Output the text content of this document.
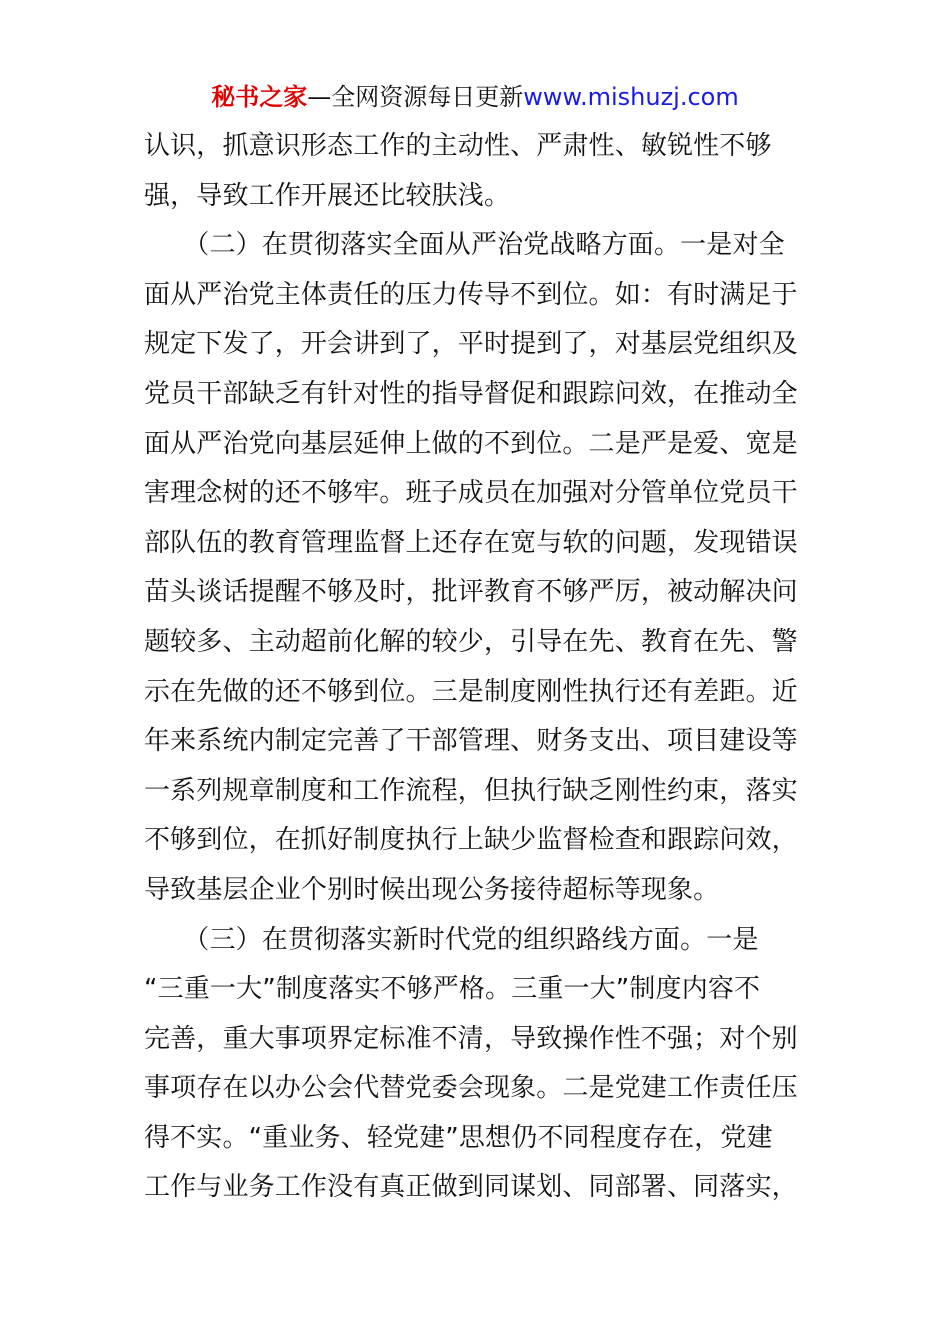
秘书之家—全网资源每日更新www.mishuzj.com
认识，抓意识形态工作的主动性、严肃性、敏锐性不够
强，导致工作开展还比较肤浅。
　　（二）在贯彻落实全面从严治党战略方面。一是对全
面从严治党主体责任的压力传导不到位。如：有时满足于
规定下发了，开会讲到了，平时提到了，对基层党组织及
党员干部缺乏有针对性的指导督促和跟踪问效，在推动全
面从严治党向基层延伸上做的不到位。二是严是爱、宽是
害理念树的还不够牢。班子成员在加强对分管单位党员干
部队伍的教育管理监督上还存在宽与软的问题，发现错误
苗头谈话提醒不够及时，批评教育不够严厉，被动解决问
题较多、主动超前化解的较少，引导在先、教育在先、警
示在先做的还不够到位。三是制度刚性执行还有差距。近
年来系统内制定完善了干部管理、财务支出、项目建设等
一系列规章制度和工作流程，但执行缺乏刚性约束，落实
不够到位，在抓好制度执行上缺少监督检查和跟踪问效，
导致基层企业个别时候出现公务接待超标等现象。
　　（三）在贯彻落实新时代党的组织路线方面。一是
“三重一大”制度落实不够严格。三重一大”制度内容不
完善，重大事项界定标准不清，导致操作性不强；对个别
事项存在以办公会代替党委会现象。二是党建工作责任压
得不实。“重业务、轻党建”思想仍不同程度存在，党建
工作与业务工作没有真正做到同谋划、同部署、同落实，
